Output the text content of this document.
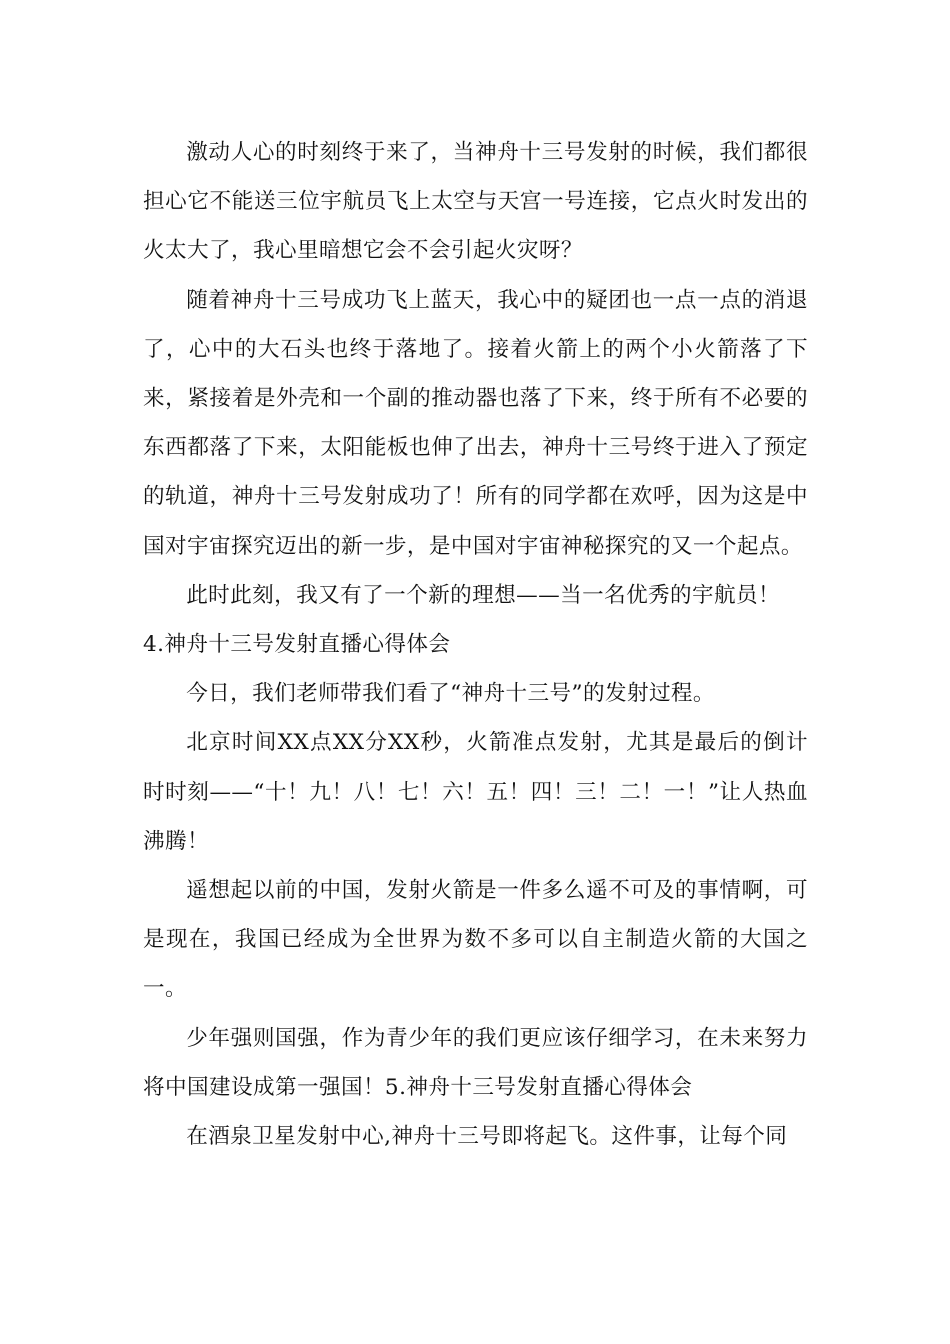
激动人心的时刻终于来了，当神舟十三号发射的时候，我们都很担心它不能送三位宇航员飞上太空与天宫一号连接，它点火时发出的火太大了，我心里暗想它会不会引起火灾呀？

随着神舟十三号成功飞上蓝天，我心中的疑团也一点一点的消退了，心中的大石头也终于落地了。接着火箭上的两个小火箭落了下来，紧接着是外壳和一个副的推动器也落了下来，终于所有不必要的东西都落了下来，太阳能板也伸了出去，神舟十三号终于进入了预定的轨道，神舟十三号发射成功了！所有的同学都在欢呼，因为这是中国对宇宙探究迈出的新一步，是中国对宇宙神秘探究的又一个起点。

此时此刻，我又有了一个新的理想——当一名优秀的宇航员！

4.神舟十三号发射直播心得体会

今日，我们老师带我们看了“神舟十三号”的发射过程。

北京时间XX点XX分XX秒，火箭准点发射，尤其是最后的倒计时时刻——“十！九！八！七！六！五！四！三！二！一！”让人热血沸腾！

遥想起以前的中国，发射火箭是一件多么遥不可及的事情啊，可是现在，我国已经成为全世界为数不多可以自主制造火箭的大国之一。

少年强则国强，作为青少年的我们更应该仔细学习，在未来努力将中国建设成第一强国！5.神舟十三号发射直播心得体会

在酒泉卫星发射中心,神舟十三号即将起飞。这件事，让每个同
